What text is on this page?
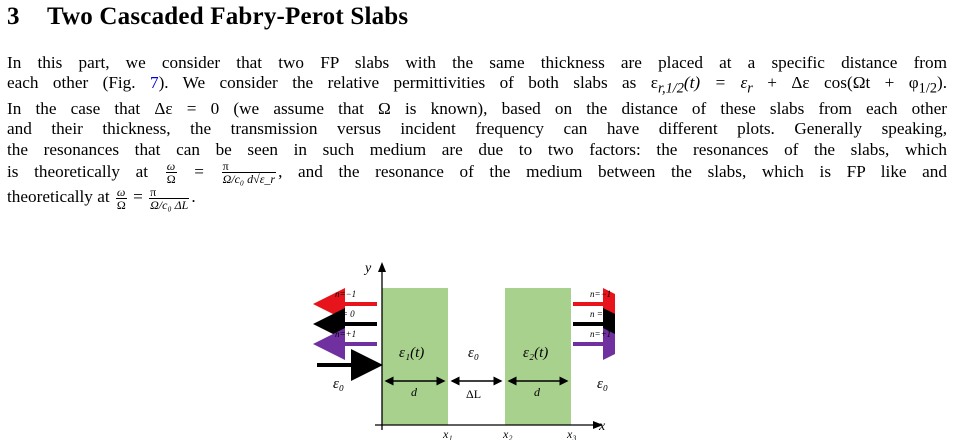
3 Two Cascaded Fabry-Perot Slabs
In this part, we consider that two FP slabs with the same thickness are placed at a specific distance from
each other (Fig. 7). We consider the relative permittivities of both slabs as $\varepsilon_{r,1/2}(t) = \varepsilon_r + \Delta\varepsilon$ $\cos(\Omega t + \varphi_{1/2})$.
In the case that Δε = 0 (we assume that Ω is known), based on the distance of these slabs from each other
and their thickness, the transmission versus incident frequency can have different plots. Generally speaking,
the resonances that can be seen in such medium are due to two factors: the resonances of the slabs, which
is theoretically at $\frac{\omega}{\Omega} = \frac{\pi}{\text{Ω/c₀ d√ε\_r}}$ , and the resonance of the medium between the slabs, which is FP like and
theoretically at $\frac{\omega}{\Omega} = \frac{\pi}{\text{Ω/c₀ ΔL}}$ .
y
x
n=−1
n = 0
n=+1
n=−1
n = 0
n=+1
ε₁(t)	ε₀	ε₂(t)
ε₀	ε₀
d	ΔL	d
x₁	x₂	x₃
